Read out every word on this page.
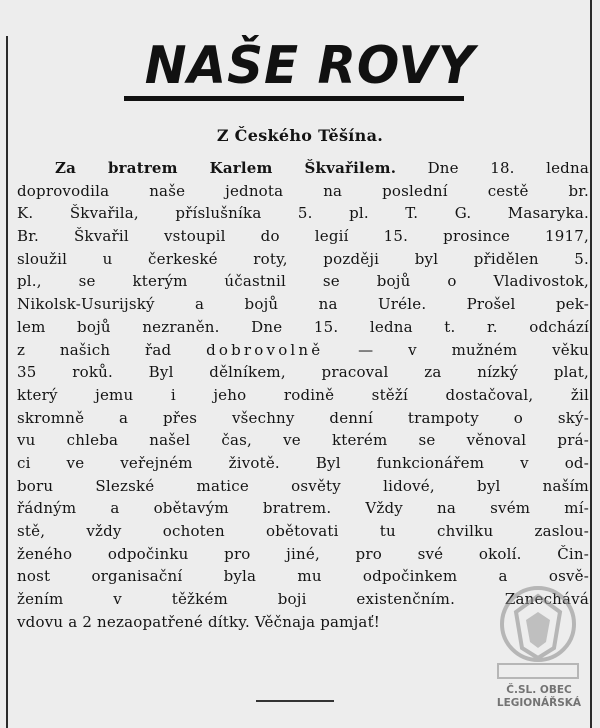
NAŠE ROVY
Z Českého Těšína.
Za bratrem Karlem Škvařilem. Dne 18. ledna
doprovodila naše jednota na poslední cestě br.
K. Škvařila, příslušníka 5. pl. T. G. Masaryka.
Br. Škvařil vstoupil do legií 15. prosince 1917,
sloužil u čerkeské roty, později byl přidělen 5.
pl., se kterým účastnil se bojů o Vladivostok,
Nikolsk-Usurijský a bojů na Uréle. Prošel pek-
lem bojů nezraněn. Dne 15. ledna t. r. odchází
z našich řad dobrovolně — v mužném věku
35 roků. Byl dělníkem, pracoval za nízký plat,
který jemu i jeho rodině stěží dostačoval, žil
skromně a přes všechny denní trampoty o ský-
vu chleba našel čas, ve kterém se věnoval prá-
ci ve veřejném životě. Byl funkcionářem v od-
boru Slezské matice osvěty lidové, byl naším
řádným a obětavým bratrem. Vždy na svém mí-
stě, vždy ochoten obětovati tu chvilku zaslou-
ženého odpočinku pro jiné, pro své okolí. Čin-
nost organisační byla mu odpočinkem a osvě-
žením v těžkém boji existenčním. Zanechává
vdovu a 2 nezaopatřené dítky. Věčnaja pamjať!
Č.SL. OBEC
LEGIONÁŘSKÁ
